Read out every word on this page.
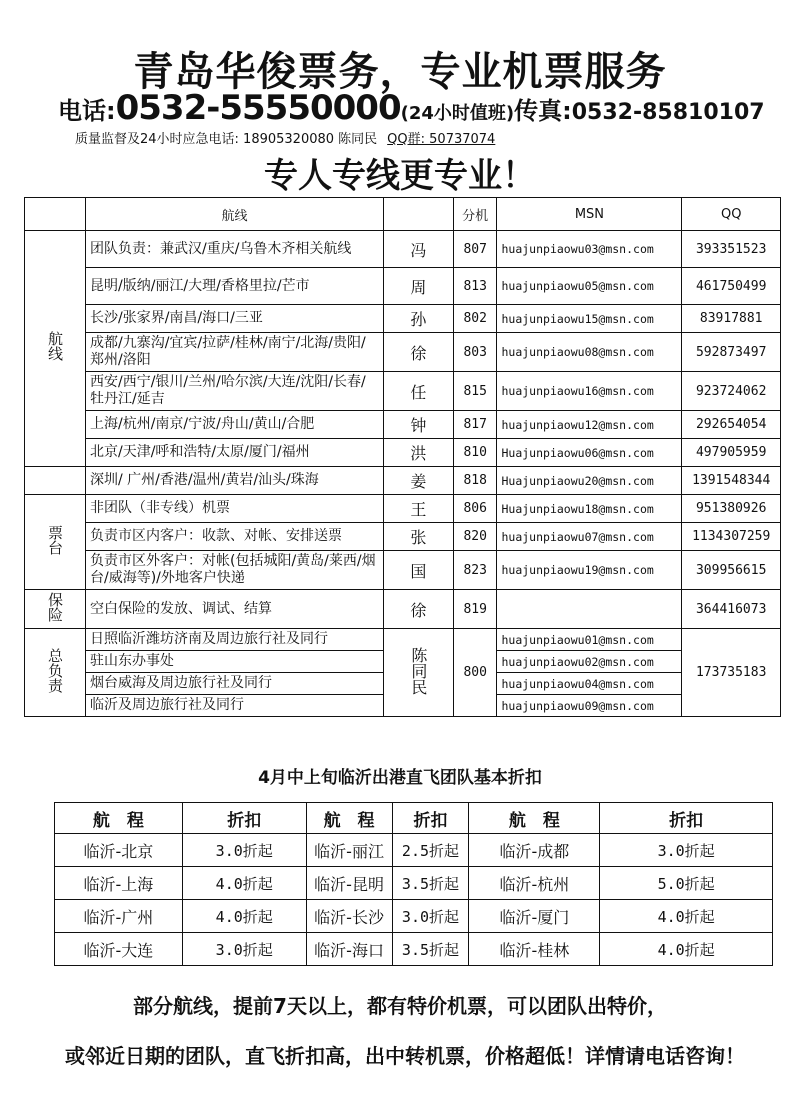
青岛华俊票务，专业机票服务
电话:0532-55550000(24小时值班)传真:0532-85810107
质量监督及24小时应急电话: 18905320080 陈同民 QQ群: 50737074
专人专线更专业！
	航线		分机	MSN	QQ
航线	团队负责：兼武汉/重庆/乌鲁木齐相关航线	冯	807	huajunpiaowu03@msn.com	393351523
	昆明/版纳/丽江/大理/香格里拉/芒市	周	813	huajunpiaowu05@msn.com	461750499
	长沙/张家界/南昌/海口/三亚	孙	802	huajunpiaowu15@msn.com	83917881
	成都/九寨沟/宜宾/拉萨/桂林/南宁/北海/贵阳/郑州/洛阳	徐	803	huajunpiaowu08@msn.com	592873497
	西安/西宁/银川/兰州/哈尔滨/大连/沈阳/长春/牡丹江/延吉	任	815	huajunpiaowu16@msn.com	923724062
	上海/杭州/南京/宁波/舟山/黄山/合肥	钟	817	huajunpiaowu12@msn.com	292654054
	北京/天津/呼和浩特/太原/厦门/福州	洪	810	Huajunpiaowu06@msn.com	497905959
	深圳/ 广州/香港/温州/黄岩/汕头/珠海	姜	818	Huajunpiaowu20@msn.com	1391548344
票台	非团队（非专线）机票	王	806	Huajunpiaowu18@msn.com	951380926
	负责市区内客户：收款、对帐、安排送票	张	820	huajunpiaowu07@msn.com	1134307259
	负责市区外客户：对帐(包括城阳/黄岛/莱西/烟台/威海等)/外地客户快递	国	823	huajunpiaowu19@msn.com	309956615
保险	空白保险的发放、调试、结算	徐	819		364416073
总负责	日照临沂潍坊济南及周边旅行社及同行	陈同民	800	huajunpiaowu01@msn.com	173735183
	驻山东办事处			huajunpiaowu02@msn.com	
	烟台威海及周边旅行社及同行			huajunpiaowu04@msn.com	
	临沂及周边旅行社及同行			huajunpiaowu09@msn.com	
4月中上旬临沂出港直飞团队基本折扣
航　程	折扣	航　程	折扣	航　程	折扣
临沂-北京	3.0折起	临沂-丽江	2.5折起	临沂-成都	3.0折起
临沂-上海	4.0折起	临沂-昆明	3.5折起	临沂-杭州	5.0折起
临沂-广州	4.0折起	临沂-长沙	3.0折起	临沂-厦门	4.0折起
临沂-大连	3.0折起	临沂-海口	3.5折起	临沂-桂林	4.0折起
部分航线，提前7天以上，都有特价机票，可以团队出特价，
或邻近日期的团队，直飞折扣高，出中转机票，价格超低！详情请电话咨询！
